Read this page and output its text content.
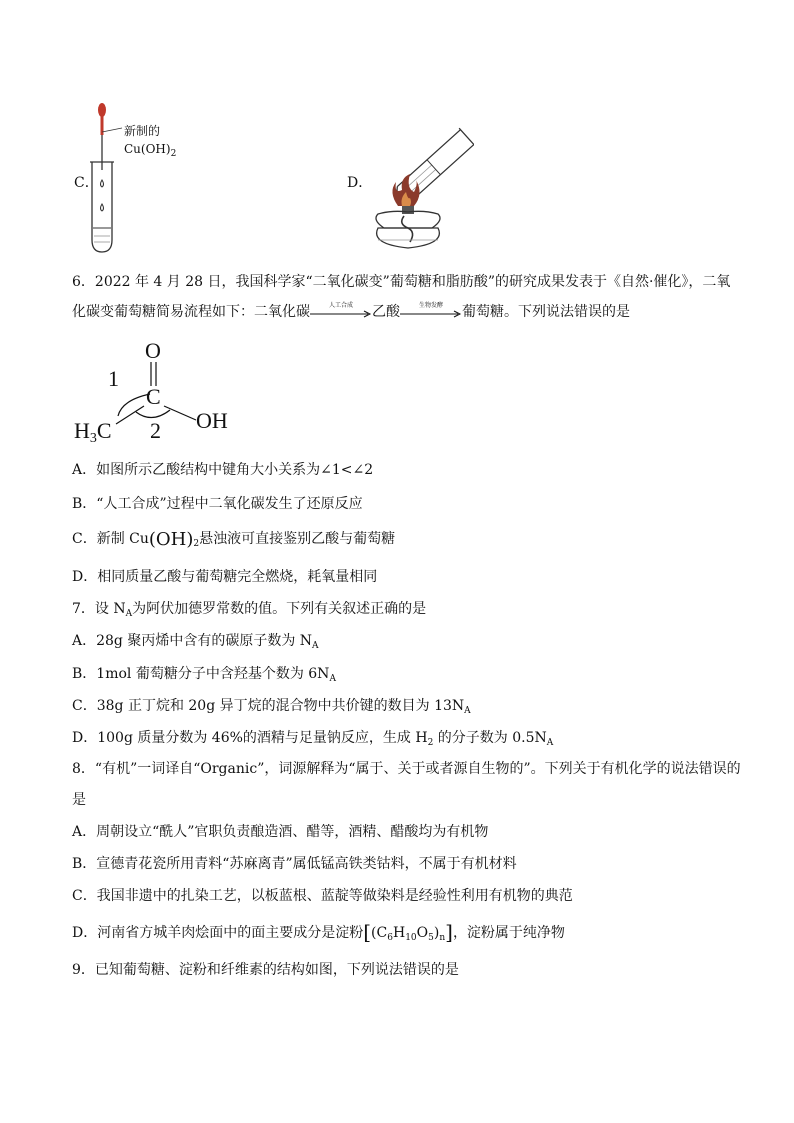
C．
新制的
$Cu(OH)_2$
D．
6．2022 年 4 月 28 日，我国科学家“二氧化碳变”葡萄糖和脂肪酸”的研究成果发表于《自然·催化》，二氧
化碳变葡萄糖简易流程如下：二氧化碳	人工合成	乙酸	生物发酵	葡萄糖。下列说法错误的是
O
C
OH
H3C
1
2
A．如图所示乙酸结构中键角大小关系为∠1<∠2
B．“人工合成”过程中二氧化碳发生了还原反应
C．新制 $Cu(OH)_2$悬浊液可直接鉴别乙酸与葡萄糖
D．相同质量乙酸与葡萄糖完全燃烧，耗氧量相同
7．设 $N_A$为阿伏加德罗常数的值。下列有关叙述正确的是
A．28g 聚丙烯中含有的碳原子数为 $N_A$
B．1mol 葡萄糖分子中含羟基个数为 $6N_A$
C．38g 正丁烷和 20g 异丁烷的混合物中共价键的数目为 $13N_A$
D．100g 质量分数为 46%的酒精与足量钠反应，生成 $H_2$ 的分子数为 $0.5N_A$
8．“有机”一词译自“Organic”，词源解释为“属于、关于或者源自生物的”。下列关于有机化学的说法错误的
是
A．周朝设立“酰人”官职负责酿造酒、醋等，酒精、醋酸均为有机物
B．宣德青花瓷所用青料“苏麻离青”属低锰高铁类钴料，不属于有机材料
C．我国非遗中的扎染工艺，以板蓝根、蓝靛等做染料是经验性利用有机物的典范
D．河南省方城羊肉烩面中的面主要成分是淀粉$[(C_6H_{10}O_5)_n]$，淀粉属于纯净物
9．已知葡萄糖、淀粉和纤维素的结构如图，下列说法错误的是
